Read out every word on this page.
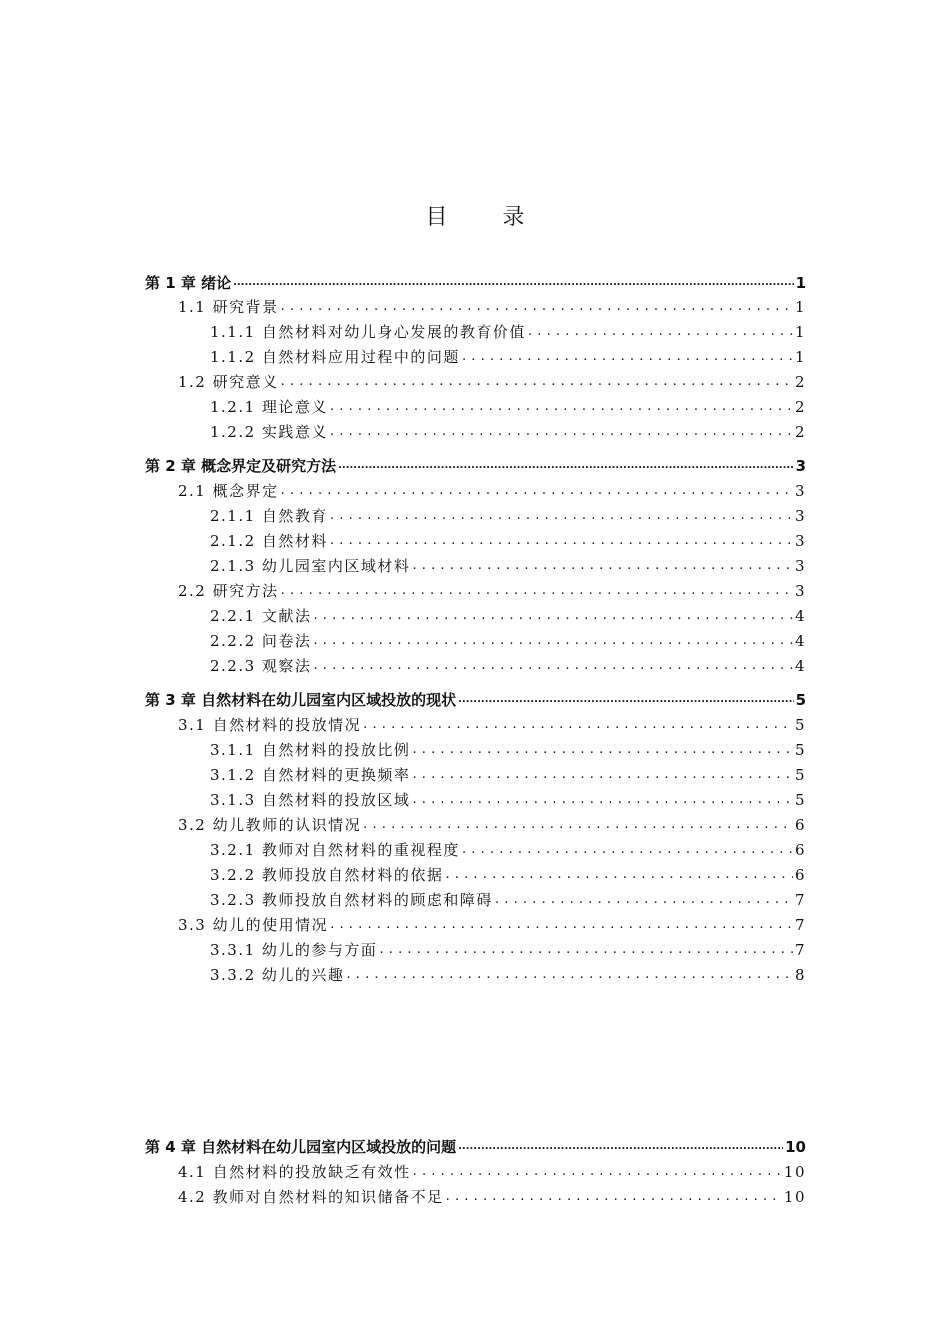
目 录
第 1 章 绪论 .....	1
1.1 研究背景 .....	1
1.1.1 自然材料对幼儿身心发展的教育价值 .....	1
1.1.2 自然材料应用过程中的问题 .....	1
1.2 研究意义 .....	2
1.2.1 理论意义 .....	2
1.2.2 实践意义 .....	2
第 2 章 概念界定及研究方法 .....	3
2.1 概念界定 .....	3
2.1.1 自然教育 .....	3
2.1.2 自然材料 .....	3
2.1.3 幼儿园室内区域材料 .....	3
2.2 研究方法 .....	3
2.2.1 文献法 .....	4
2.2.2 问卷法 .....	4
2.2.3 观察法 .....	4
第 3 章 自然材料在幼儿园室内区域投放的现状 .....	5
3.1 自然材料的投放情况 .....	5
3.1.1 自然材料的投放比例 .....	5
3.1.2 自然材料的更换频率 .....	5
3.1.3 自然材料的投放区域 .....	5
3.2 幼儿教师的认识情况 .....	6
3.2.1 教师对自然材料的重视程度 .....	6
3.2.2 教师投放自然材料的依据 .....	6
3.2.3 教师投放自然材料的顾虑和障碍 .....	7
3.3 幼儿的使用情况 .....	7
3.3.1 幼儿的参与方面 .....	7
3.3.2 幼儿的兴趣 .....	8
第 4 章 自然材料在幼儿园室内区域投放的问题 .....	10
4.1 自然材料的投放缺乏有效性 .....	10
4.2 教师对自然材料的知识储备不足 .....	10
